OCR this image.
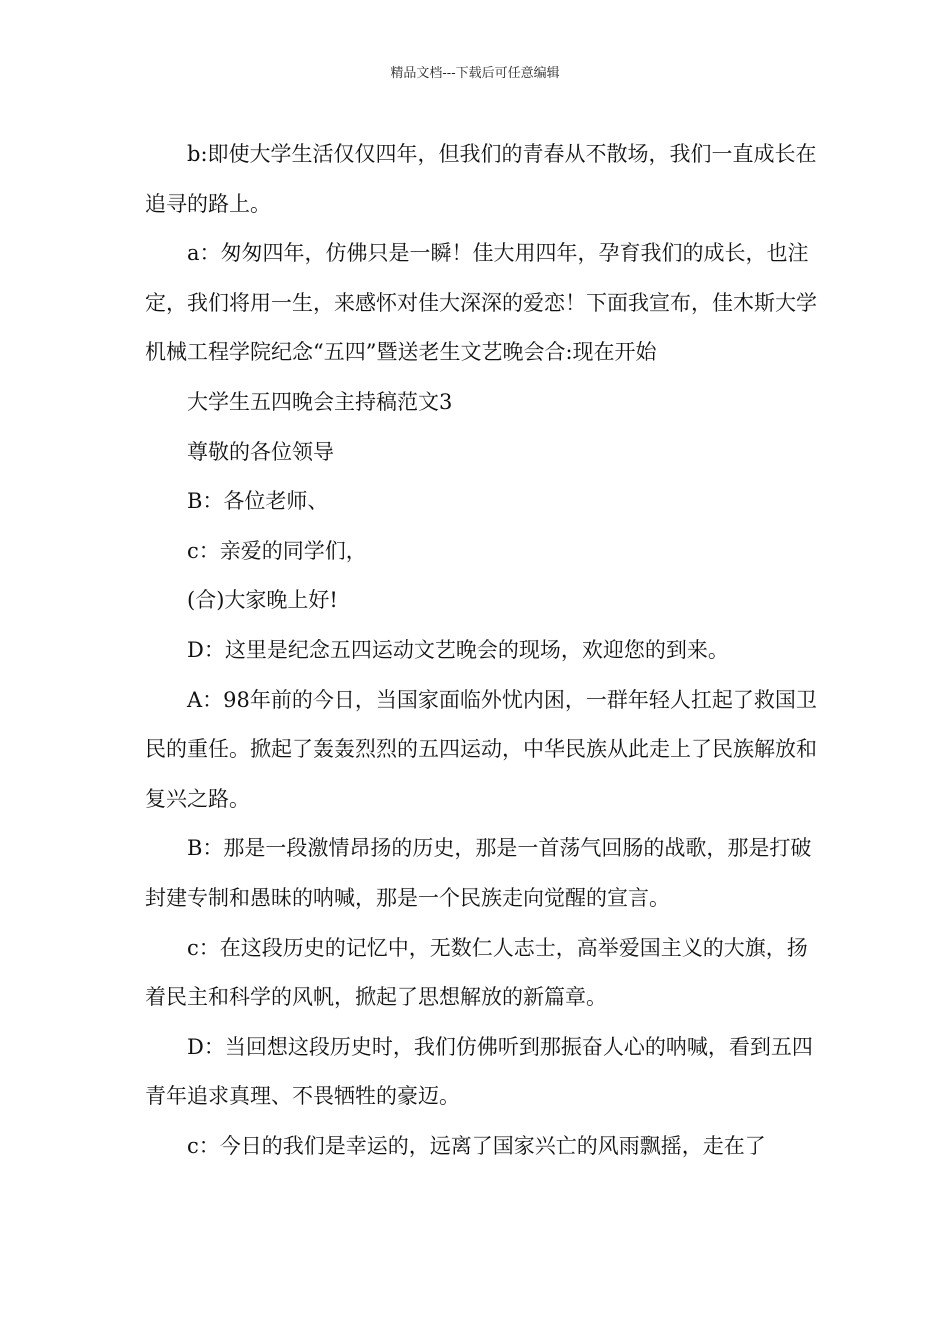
精品文档---下载后可任意编辑

b:即使大学生活仅仅四年，但我们的青春从不散场，我们一直成长在追寻的路上。

a：匆匆四年，仿佛只是一瞬！佳大用四年，孕育我们的成长，也注定，我们将用一生，来感怀对佳大深深的爱恋！下面我宣布，佳木斯大学机械工程学院纪念“五四”暨送老生文艺晚会合:现在开始

大学生五四晚会主持稿范文3

尊敬的各位领导

B：各位老师、

c：亲爱的同学们，

(合)大家晚上好!

D：这里是纪念五四运动文艺晚会的现场，欢迎您的到来。

A：98年前的今日，当国家面临外忧内困，一群年轻人扛起了救国卫民的重任。掀起了轰轰烈烈的五四运动，中华民族从此走上了民族解放和复兴之路。

B：那是一段激情昂扬的历史，那是一首荡气回肠的战歌，那是打破封建专制和愚昧的呐喊，那是一个民族走向觉醒的宣言。

c：在这段历史的记忆中，无数仁人志士，高举爱国主义的大旗，扬着民主和科学的风帆，掀起了思想解放的新篇章。

D：当回想这段历史时，我们仿佛听到那振奋人心的呐喊，看到五四青年追求真理、不畏牺牲的豪迈。

c：今日的我们是幸运的，远离了国家兴亡的风雨飘摇，走在了
